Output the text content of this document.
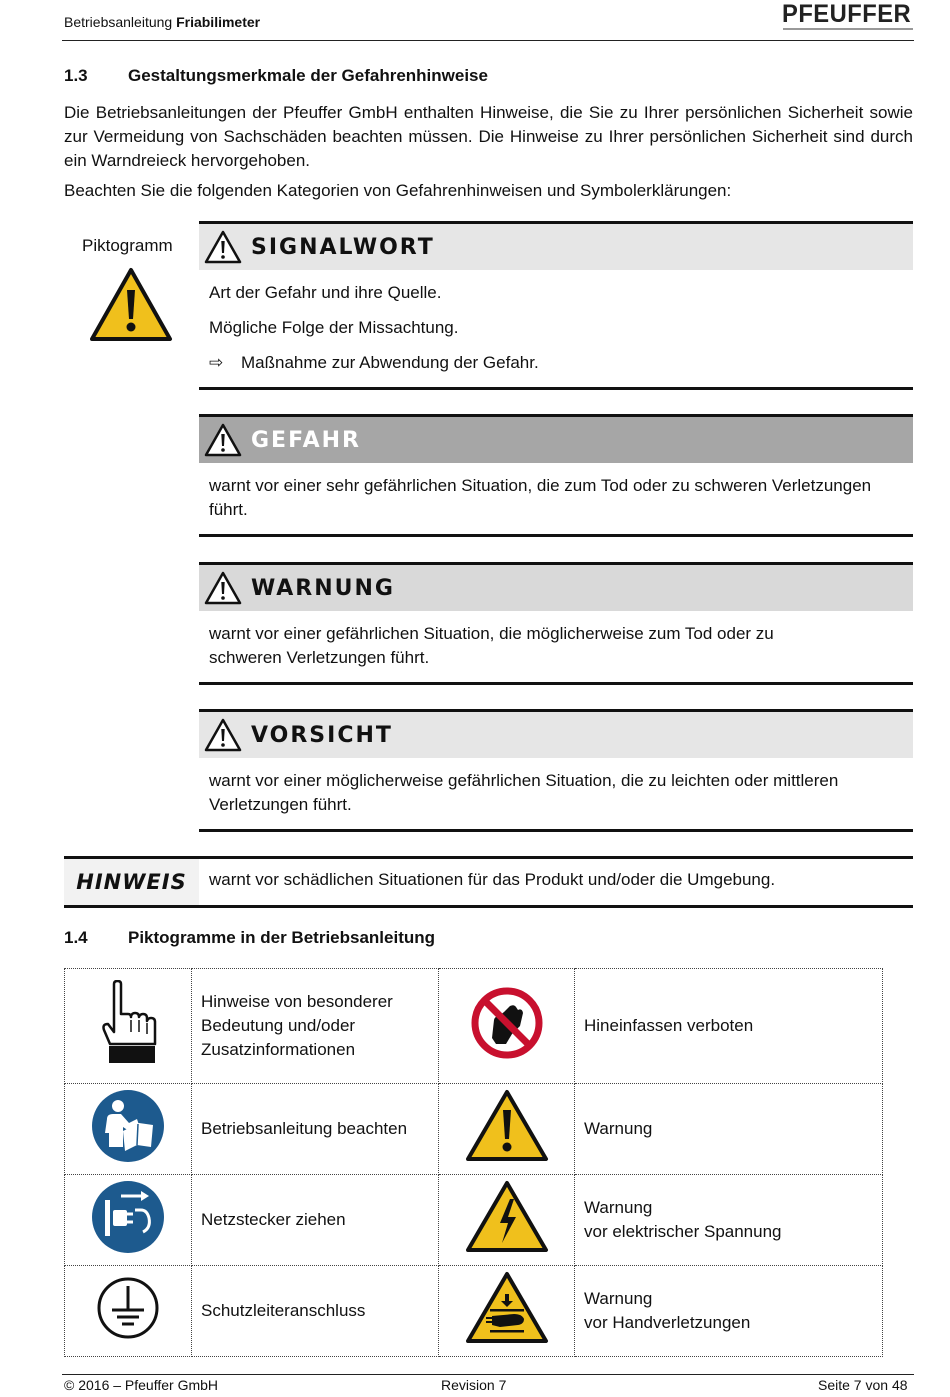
Betriebsanleitung Friabilimeter	PFEUFFER
1.3 Gestaltungsmerkmale der Gefahrenhinweise
Die Betriebsanleitungen der Pfeuffer GmbH enthalten Hinweise, die Sie zu Ihrer persönlichen Sicherheit sowie zur Vermeidung von Sachschäden beachten müssen. Die Hinweise zu Ihrer persönlichen Sicherheit sind durch ein Warndreieck hervorgehoben.
Beachten Sie die folgenden Kategorien von Gefahrenhinweisen und Symbolerklärungen:
Piktogramm	SIGNALWORT
Art der Gefahr und ihre Quelle.
Mögliche Folge der Missachtung.
⇨	Maßnahme zur Abwendung der Gefahr.
GEFAHR
warnt vor einer sehr gefährlichen Situation, die zum Tod oder zu schweren Verletzungen führt.
WARNUNG
warnt vor einer gefährlichen Situation, die möglicherweise zum Tod oder zu schweren Verletzungen führt.
VORSICHT
warnt vor einer möglicherweise gefährlichen Situation, die zu leichten oder mittleren Verletzungen führt.
HINWEIS warnt vor schädlichen Situationen für das Produkt und/oder die Umgebung.
1.4 Piktogramme in der Betriebsanleitung

Hinweise von besonderer Bedeutung und/oder Zusatzinformationen		Hineinfassen verboten
	Betriebsanleitung beachten		Warnung
	Netzstecker ziehen		Warnung
vor elektrischer Spannung

	Schutzleiteranschluss		Warnung
vor Handverletzungen
© 2016 – Pfeuffer GmbH	Revision 7	Seite 7 von 48
